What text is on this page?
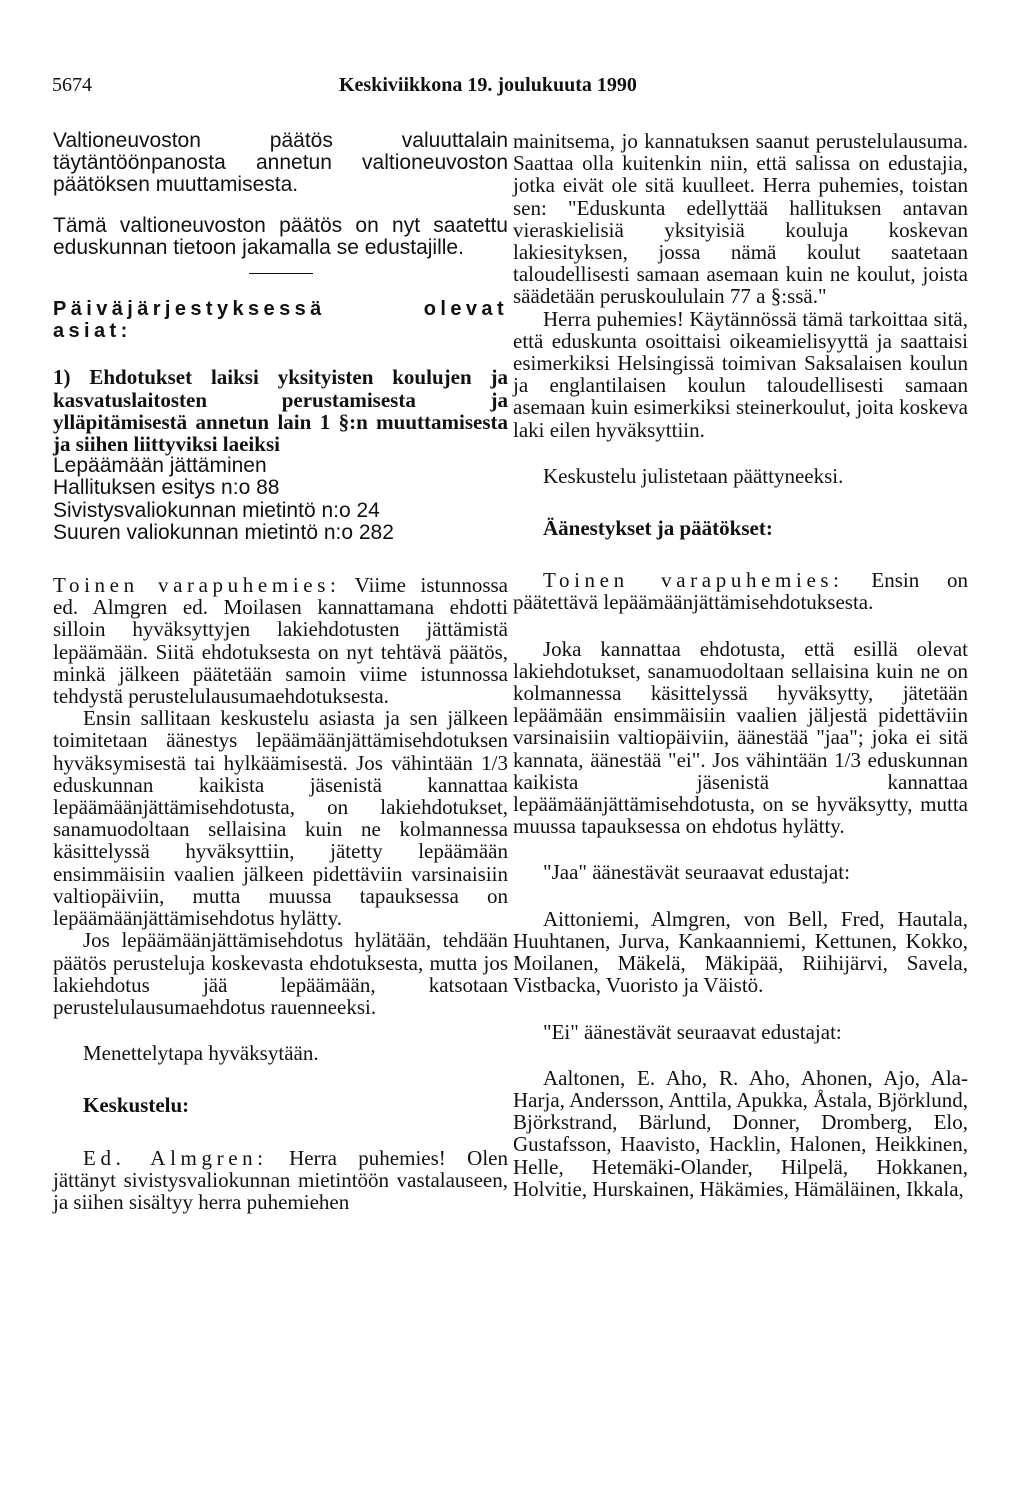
5674	Keskiviikkona 19. joulukuuta 1990

Valtioneuvoston päätös valuuttalain täytäntöönpanosta annetun valtioneuvoston päätöksen muuttamisesta.

Tämä valtioneuvoston päätös on nyt saatettu eduskunnan tietoon jakamalla se edustajille.

Päiväjärjestyksessä olevat asiat:

1) Ehdotukset laiksi yksityisten koulujen ja kasvatuslaitosten perustamisesta ja ylläpitämisestä annetun lain 1 §:n muuttamisesta ja siihen liittyviksi laeiksi

Lepäämään jättäminen
Hallituksen esitys n:o 88
Sivistysvaliokunnan mietintö n:o 24
Suuren valiokunnan mietintö n:o 282

Toinen varapuhemies: Viime istunnossa ed. Almgren ed. Moilasen kannattamana ehdotti silloin hyväksyttyjen lakiehdotusten jättämistä lepäämään. Siitä ehdotuksesta on nyt tehtävä päätös, minkä jälkeen päätetään samoin viime istunnossa tehdystä perustelulausumaehdotuksesta.

Ensin sallitaan keskustelu asiasta ja sen jälkeen toimitetaan äänestys lepäämäänjättämisehdotuksen hyväksymisestä tai hylkäämisestä. Jos vähintään 1/3 eduskunnan kaikista jäsenistä kannattaa lepäämäänjättämisehdotusta, on lakiehdotukset, sanamuodoltaan sellaisina kuin ne kolmannessa käsittelyssä hyväksyttiin, jätetty lepäämään ensimmäisiin vaalien jälkeen pidettäviin varsinaisiin valtiopäiviin, mutta muussa tapauksessa on lepäämäänjättämisehdotus hylätty.

Jos lepäämäänjättämisehdotus hylätään, tehdään päätös perusteluja koskevasta ehdotuksesta, mutta jos lakiehdotus jää lepäämään, katsotaan perustelulausumaehdotus rauenneeksi.

Menettelytapa hyväksytään.

Keskustelu:

Ed. Almgren: Herra puhemies! Olen jättänyt sivistysvaliokunnan mietintöön vastalauseen, ja siihen sisältyy herra puhemiehen

mainitsema, jo kannatuksen saanut perustelulausuma. Saattaa olla kuitenkin niin, että salissa on edustajia, jotka eivät ole sitä kuulleet. Herra puhemies, toistan sen: "Eduskunta edellyttää hallituksen antavan vieraskielisiä yksityisiä kouluja koskevan lakiesityksen, jossa nämä koulut saatetaan taloudellisesti samaan asemaan kuin ne koulut, joista säädetään peruskoululain 77 a §:ssä."

Herra puhemies! Käytännössä tämä tarkoittaa sitä, että eduskunta osoittaisi oikeamielisyyttä ja saattaisi esimerkiksi Helsingissä toimivan Saksalaisen koulun ja englantilaisen koulun taloudellisesti samaan asemaan kuin esimerkiksi steinerkoulut, joita koskeva laki eilen hyväksyttiin.

Keskustelu julistetaan päättyneeksi.

Äänestykset ja päätökset:

Toinen varapuhemies: Ensin on päätettävä lepäämäänjättämisehdotuksesta.

Joka kannattaa ehdotusta, että esillä olevat lakiehdotukset, sanamuodoltaan sellaisina kuin ne on kolmannessa käsittelyssä hyväksytty, jätetään lepäämään ensimmäisiin vaalien jäljestä pidettäviin varsinaisiin valtiopäiviin, äänestää "jaa"; joka ei sitä kannata, äänestää "ei". Jos vähintään 1/3 eduskunnan kaikista jäsenistä kannattaa lepäämäänjättämisehdotusta, on se hyväksytty, mutta muussa tapauksessa on ehdotus hylätty.

"Jaa" äänestävät seuraavat edustajat:

Aittoniemi, Almgren, von Bell, Fred, Hautala, Huuhtanen, Jurva, Kankaanniemi, Kettunen, Kokko, Moilanen, Mäkelä, Mäkipää, Riihijärvi, Savela, Vistbacka, Vuoristo ja Väistö.

"Ei" äänestävät seuraavat edustajat:

Aaltonen, E. Aho, R. Aho, Ahonen, Ajo, Ala-Harja, Andersson, Anttila, Apukka, Åstala, Björklund, Björkstrand, Bärlund, Donner, Dromberg, Elo, Gustafsson, Haavisto, Hacklin, Halonen, Heikkinen, Helle, Hetemäki-Olander, Hilpelä, Hokkanen, Holvitie, Hurskainen, Häkämies, Hämäläinen, Ikkala,
